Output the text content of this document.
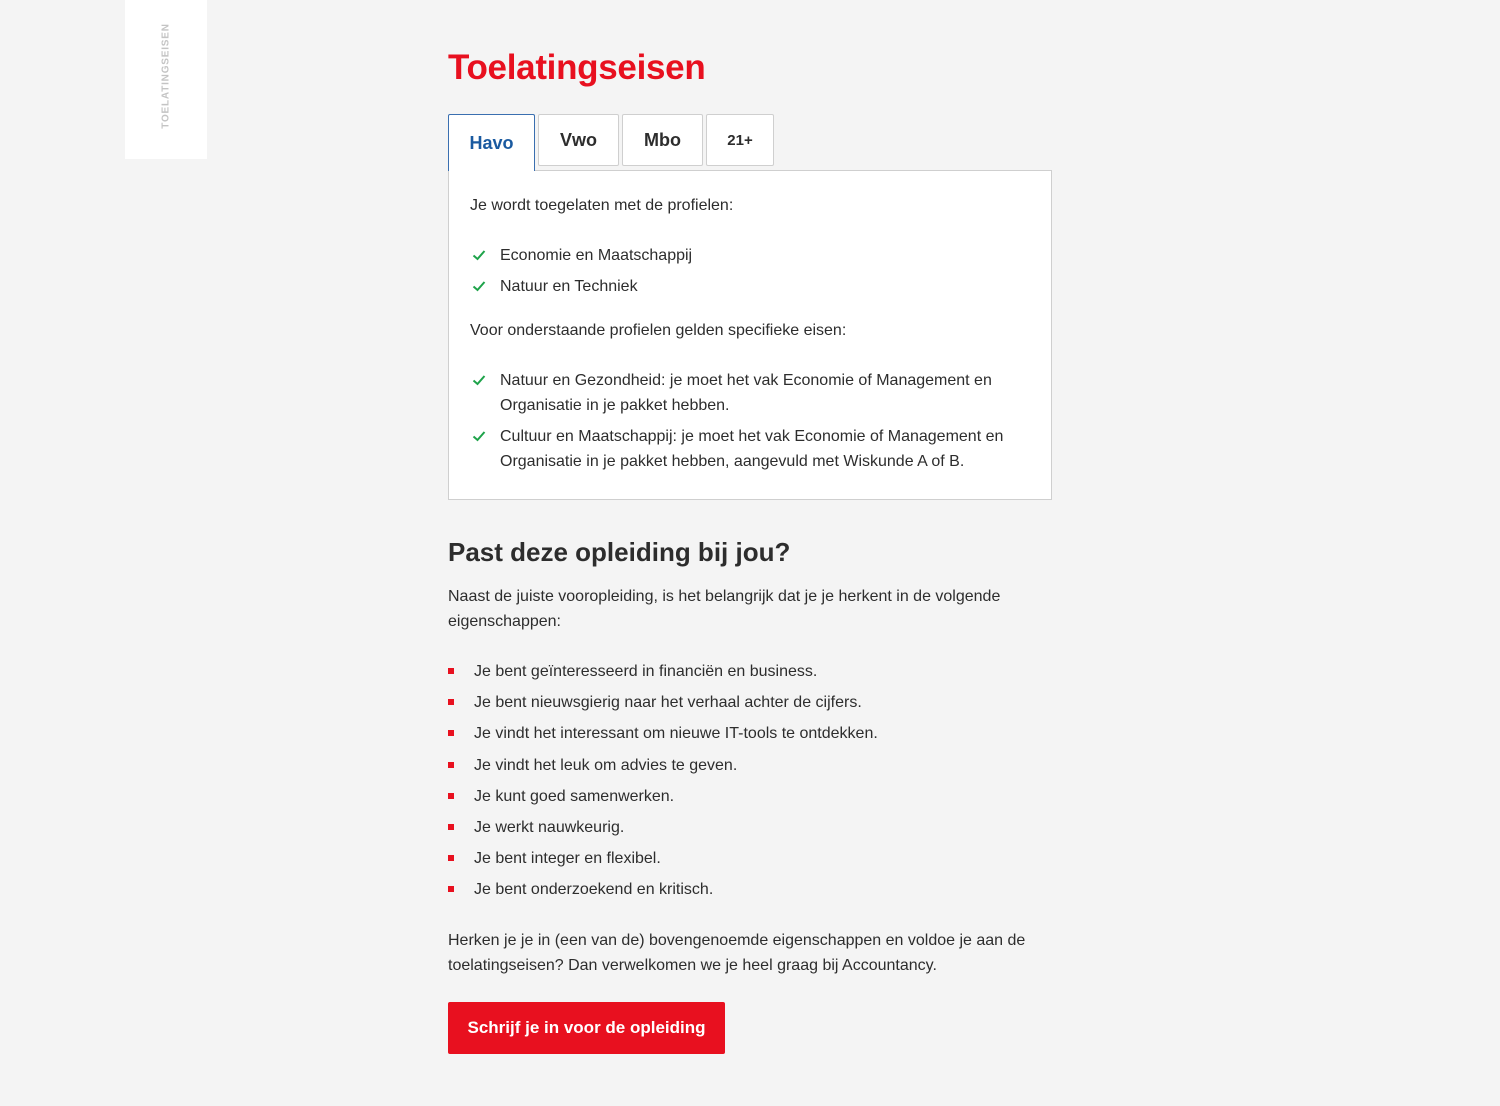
TOELATINGSEISEN	Toelatingseisen
Havo	Vwo	Mbo	21+

Je wordt toegelaten met de profielen:

Economie en Maatschappij
Natuur en Techniek

Voor onderstaande profielen gelden specifieke eisen:

Natuur en Gezondheid: je moet het vak Economie of Management en Organisatie in je pakket hebben.
Cultuur en Maatschappij: je moet het vak Economie of Management en Organisatie in je pakket hebben, aangevuld met Wiskunde A of B.
Past deze opleiding bij jou?

Naast de juiste vooropleiding, is het belangrijk dat je je herkent in de volgende eigenschappen:

Je bent geïnteresseerd in financiën en business.
Je bent nieuwsgierig naar het verhaal achter de cijfers.
Je vindt het interessant om nieuwe IT-tools te ontdekken.
Je vindt het leuk om advies te geven.
Je kunt goed samenwerken.
Je werkt nauwkeurig.
Je bent integer en flexibel.
Je bent onderzoekend en kritisch.

Herken je je in (een van de) bovengenoemde eigenschappen en voldoe je aan de toelatingseisen? Dan verwelkomen we je heel graag bij Accountancy.

Schrijf je in voor de opleiding
